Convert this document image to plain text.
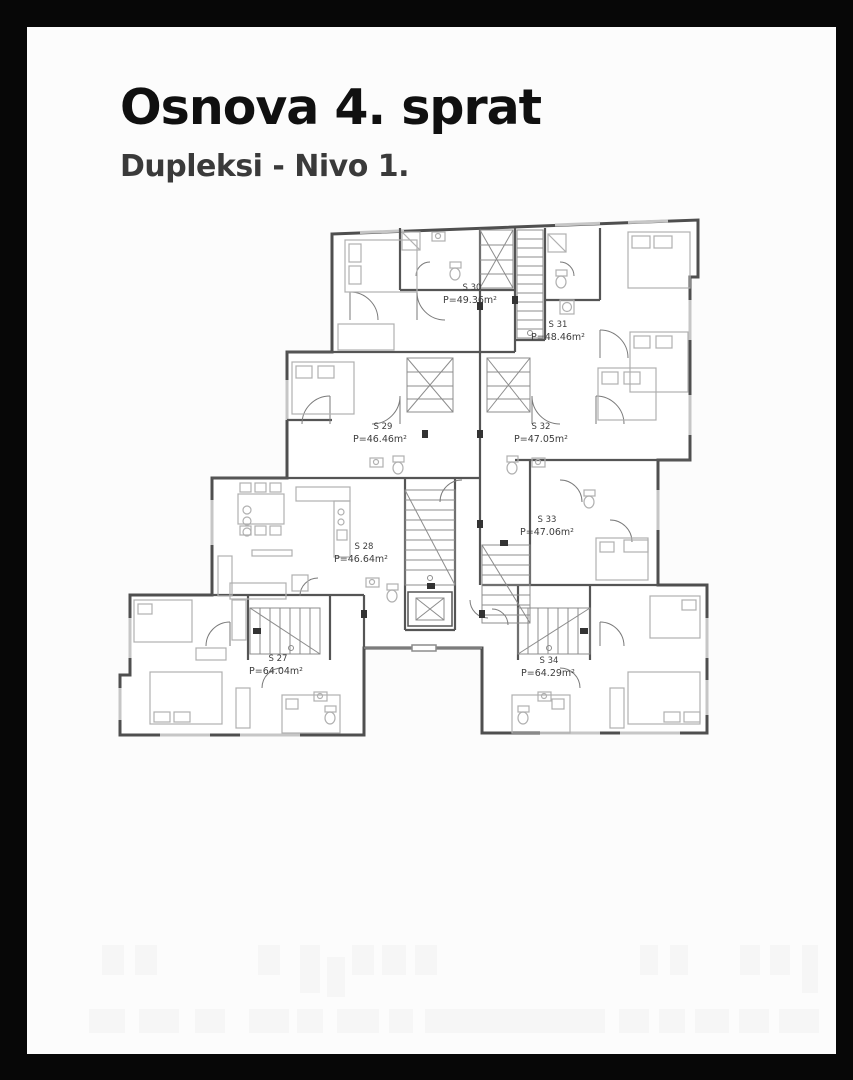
Osnova 4. sprat
Dupleksi - Nivo 1.
S 30
P=49.36m²
S 31
P=48.46m²
S 29
P=46.46m²
S 32
P=47.05m²
S 28
P=46.64m²
S 33
P=47.06m²
S 27
P=64.04m²
S 34
P=64.29m²
